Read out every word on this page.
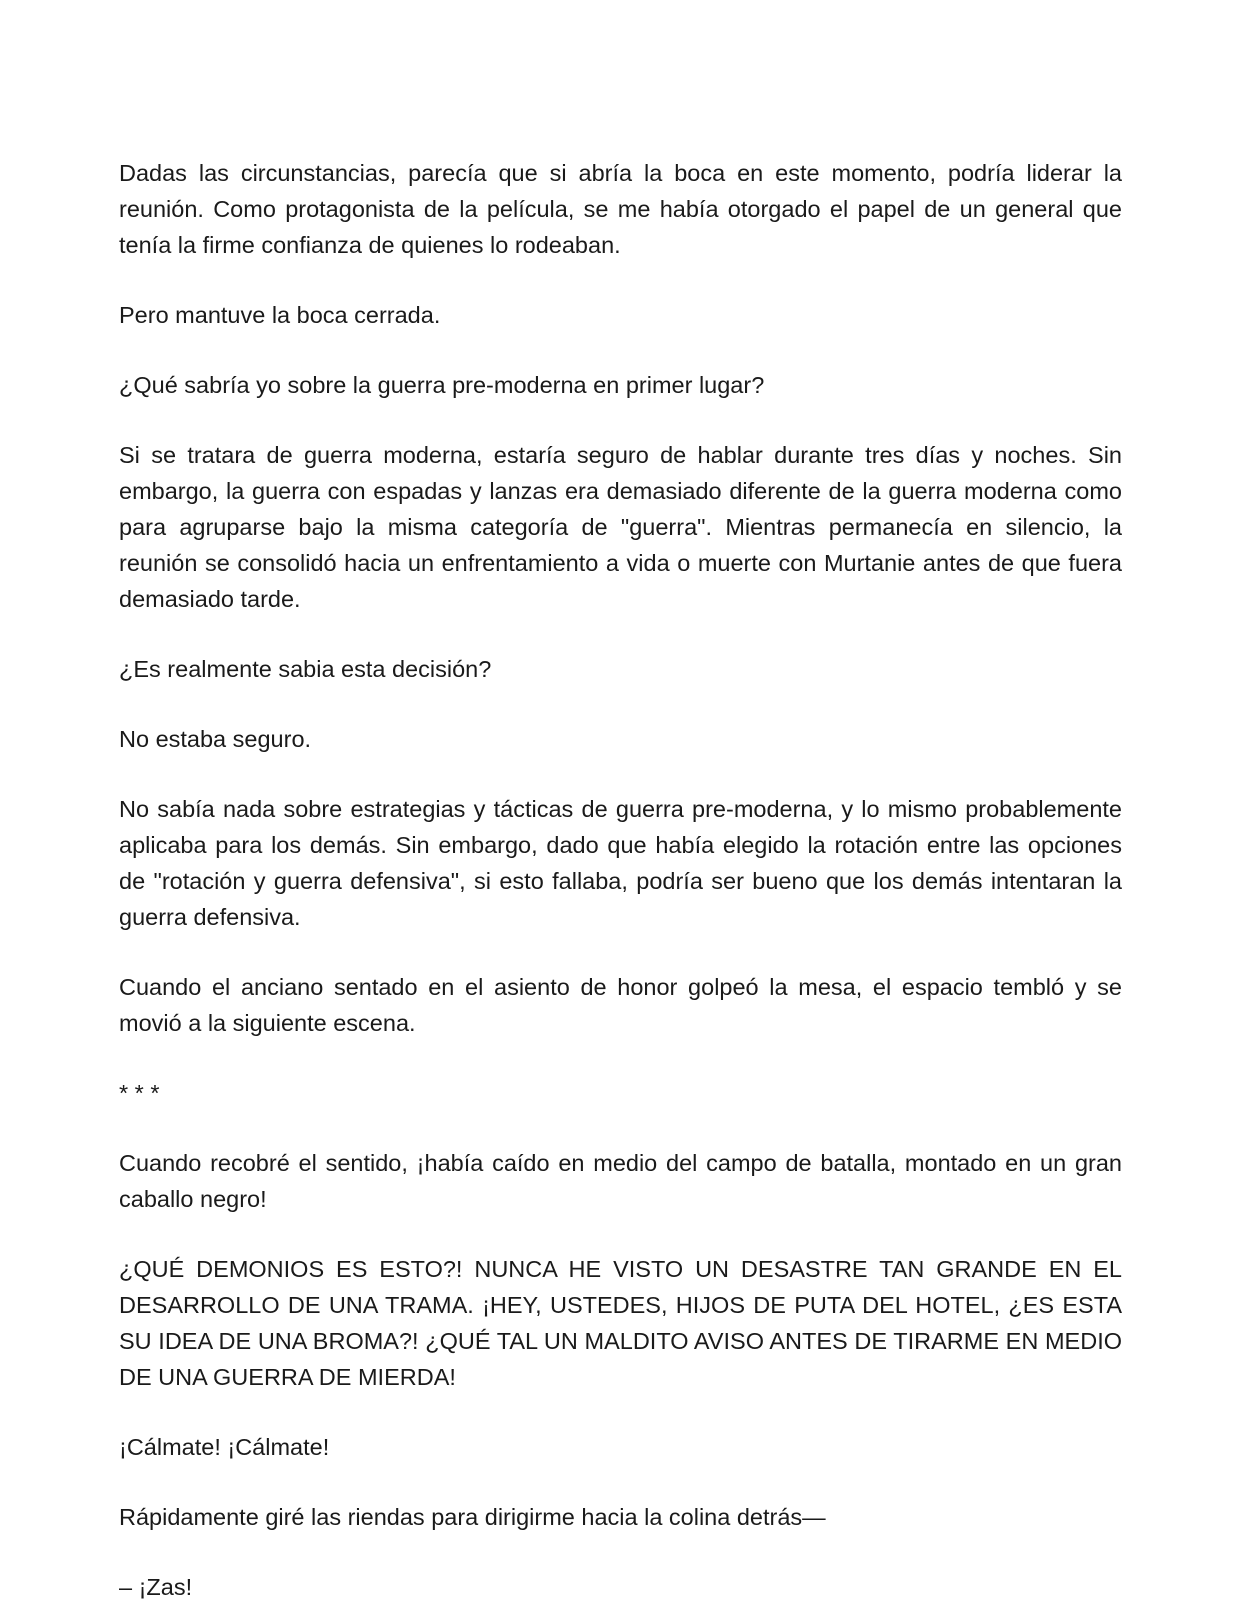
Dadas las circunstancias, parecía que si abría la boca en este momento, podría liderar la reunión. Como protagonista de la película, se me había otorgado el papel de un general que tenía la firme confianza de quienes lo rodeaban.

Pero mantuve la boca cerrada.

¿Qué sabría yo sobre la guerra pre-moderna en primer lugar?

Si se tratara de guerra moderna, estaría seguro de hablar durante tres días y noches. Sin embargo, la guerra con espadas y lanzas era demasiado diferente de la guerra moderna como para agruparse bajo la misma categoría de "guerra". Mientras permanecía en silencio, la reunión se consolidó hacia un enfrentamiento a vida o muerte con Murtanie antes de que fuera demasiado tarde.

¿Es realmente sabia esta decisión?

No estaba seguro.

No sabía nada sobre estrategias y tácticas de guerra pre-moderna, y lo mismo probablemente aplicaba para los demás. Sin embargo, dado que había elegido la rotación entre las opciones de "rotación y guerra defensiva", si esto fallaba, podría ser bueno que los demás intentaran la guerra defensiva.

Cuando el anciano sentado en el asiento de honor golpeó la mesa, el espacio tembló y se movió a la siguiente escena.

* * *

Cuando recobré el sentido, ¡había caído en medio del campo de batalla, montado en un gran caballo negro!

¿QUÉ DEMONIOS ES ESTO?! NUNCA HE VISTO UN DESASTRE TAN GRANDE EN EL DESARROLLO DE UNA TRAMA. ¡HEY, USTEDES, HIJOS DE PUTA DEL HOTEL, ¿ES ESTA SU IDEA DE UNA BROMA?! ¿QUÉ TAL UN MALDITO AVISO ANTES DE TIRARME EN MEDIO DE UNA GUERRA DE MIERDA!

¡Cálmate! ¡Cálmate!

Rápidamente giré las riendas para dirigirme hacia la colina detrás—

– ¡Zas!
